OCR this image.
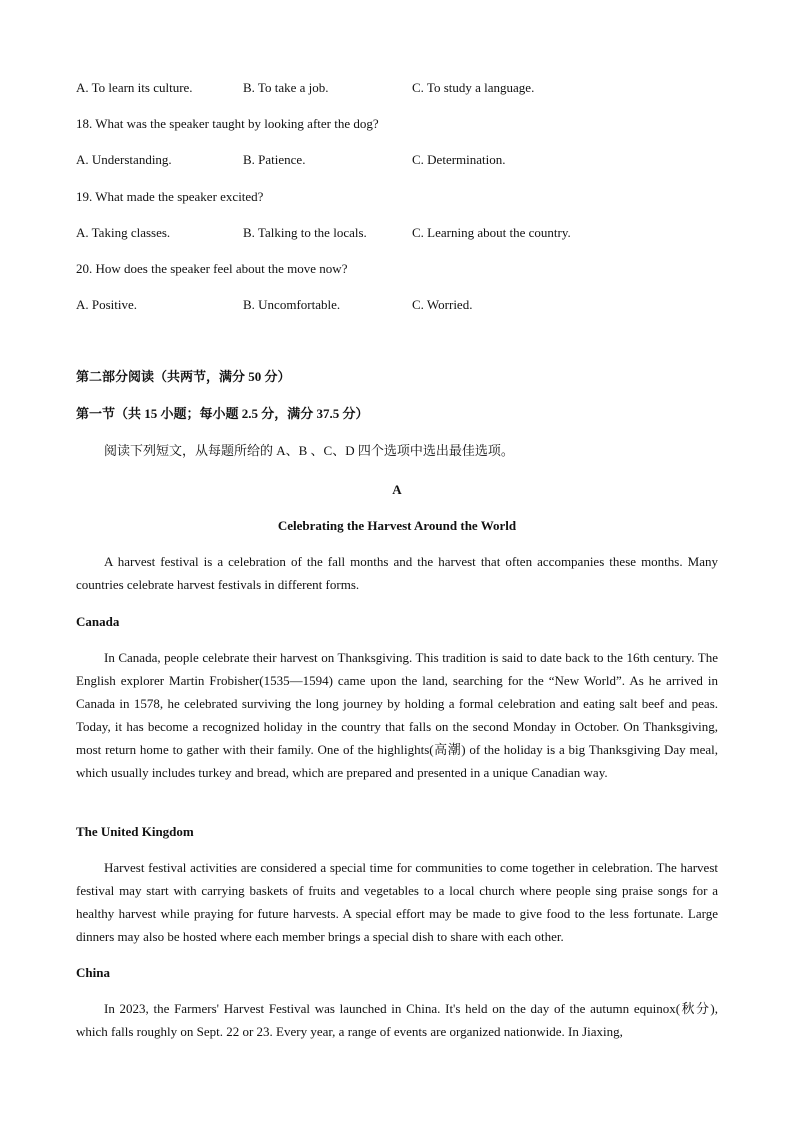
A. To learn its culture.	B. To take a job.	C. To study a language.
18. What was the speaker taught by looking after the dog?
A. Understanding.	B. Patience.	C. Determination.
19. What made the speaker excited?
A. Taking classes.	B. Talking to the locals.	C. Learning about the country.
20. How does the speaker feel about the move now?
A. Positive.	B. Uncomfortable.	C. Worried.
第二部分阅读（共两节，满分 50 分）
第一节（共 15 小题；每小题 2.5 分，满分 37.5 分）
阅读下列短文，从每题所给的 A、B 、C、D 四个选项中选出最佳选项。
A
Celebrating the Harvest Around the World

A harvest festival is a celebration of the fall months and the harvest that often accompanies these months. Many countries celebrate harvest festivals in different forms.

Canada

In Canada, people celebrate their harvest on Thanksgiving. This tradition is said to date back to the 16th century. The English explorer Martin Frobisher(1535—1594) came upon the land, searching for the “New World”. As he arrived in Canada in 1578, he celebrated surviving the long journey by holding a formal celebration and eating salt beef and peas. Today, it has become a recognized holiday in the country that falls on the second Monday in October. On Thanksgiving, most return home to gather with their family. One of the highlights(高潮) of the holiday is a big Thanksgiving Day meal, which usually includes turkey and bread, which are prepared and presented in a unique Canadian way.

The United Kingdom

Harvest festival activities are considered a special time for communities to come together in celebration. The harvest festival may start with carrying baskets of fruits and vegetables to a local church where people sing praise songs for a healthy harvest while praying for future harvests. A special effort may be made to give food to the less fortunate. Large dinners may also be hosted where each member brings a special dish to share with each other.

China

In 2023, the Farmers' Harvest Festival was launched in China. It's held on the day of the autumn equinox(秋分), which falls roughly on Sept. 22 or 23. Every year, a range of events are organized nationwide. In Jiaxing,
